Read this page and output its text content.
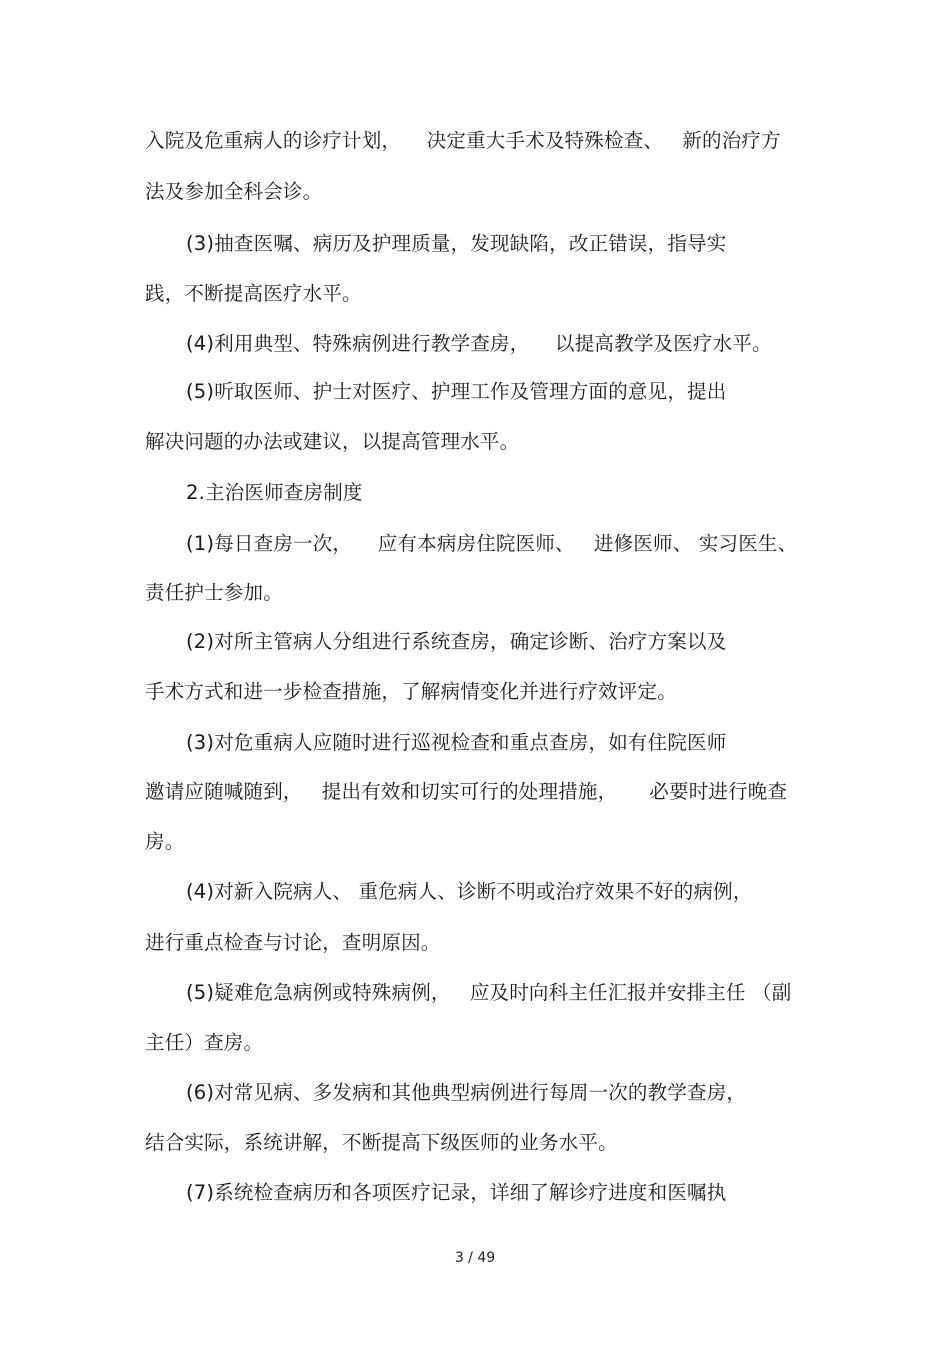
入院及危重病人的诊疗计划，    决定重大手术及特殊检查、   新的治疗方
法及参加全科会诊。
(3)抽查医嘱、病历及护理质量，发现缺陷，改正错误，指导实
践，不断提高医疗水平。
(4)利用典型、特殊病例进行教学查房，    以提高教学及医疗水平。
(5)听取医师、护士对医疗、护理工作及管理方面的意见，提出
解决问题的办法或建议，以提高管理水平。
2.主治医师查房制度
(1)每日查房一次，    应有本病房住院医师、   进修医师、 实习医生、
责任护士参加。
(2)对所主管病人分组进行系统查房，确定诊断、治疗方案以及
手术方式和进一步检查措施，了解病情变化并进行疗效评定。
(3)对危重病人应随时进行巡视检查和重点查房，如有住院医师
邀请应随喊随到，   提出有效和切实可行的处理措施，     必要时进行晚查
房。
(4)对新入院病人、 重危病人、诊断不明或治疗效果不好的病例，
进行重点检查与讨论，查明原因。
(5)疑难危急病例或特殊病例，   应及时向科主任汇报并安排主任 （副
主任）查房。
(6)对常见病、多发病和其他典型病例进行每周一次的教学查房，
结合实际，系统讲解，不断提高下级医师的业务水平。
(7)系统检查病历和各项医疗记录，详细了解诊疗进度和医嘱执
3 / 49
